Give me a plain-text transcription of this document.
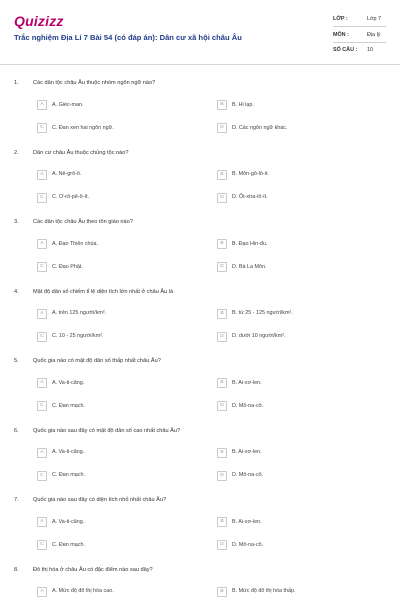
Quizizz
Trắc nghiệm Địa Lí 7 Bài 54 (có đáp án): Dân cư xã hội châu Âu
LỚP :	Lớp 7
MÔN :	Địa lý
SỐ CÂU : 10
1.	Các dân tộc châu Âu thuộc nhóm ngôn ngữ nào?
A	A. Giéc-man.	B	B. Hi lạp.
C	C. Đan xen hai ngôn ngữ.	D	D. Các ngôn ngữ khác.
2.	Dân cư châu Âu thuộc chủng tộc nào?
A	A. Nê-grô-ít.	B	B. Môn-gô-lô-it.
C	C. Ơ-rô-pê-ô-ít.	D	D. Ốt-xtra-lô-ít.
3.	Các dân tộc châu Âu theo tôn giáo nào?
A	A. Đạo Thiên chúa.	B	B. Đạo Hin-đu.
C	C. Đạo Phật.	D	D. Bà La Môn.
4.	Mật độ dân số chiếm tỉ lệ diện tích lớn nhất ở châu Âu là
A	A. trên 125 người/km².	B	B. từ 25 - 125 người/km².
C	C. 10 - 25 người/km².	D	D. dưới 10 người/km².
5.	Quốc gia nào có mật độ dân số thấp nhất châu Âu?
A	A. Va-ti-căng.	B	B. Ai-xơ-len.
C	C. Đan mạch.	D	D. Mô-na-cô.
6.	Quốc gia nào sau đây có mật độ dân số cao nhất châu Âu?
A	A. Va-ti-căng.	B	B. Ai-xơ-len.
C	C. Đan mạch.	D	D. Mô-na-cô.
7.	Quốc gia nào sau đây có diện tích nhỏ nhất châu Âu?
A	A. Va-ti-căng.	B	B. Ai-xơ-len.
C	C. Đan mạch.	D	D. Mô-na-cô.
8.	Đô thị hóa ở châu Âu có đặc điểm nào sau đây?
A	A. Mức độ đô thị hóa cao.	B	B. Mức độ đô thị hóa thấp.
